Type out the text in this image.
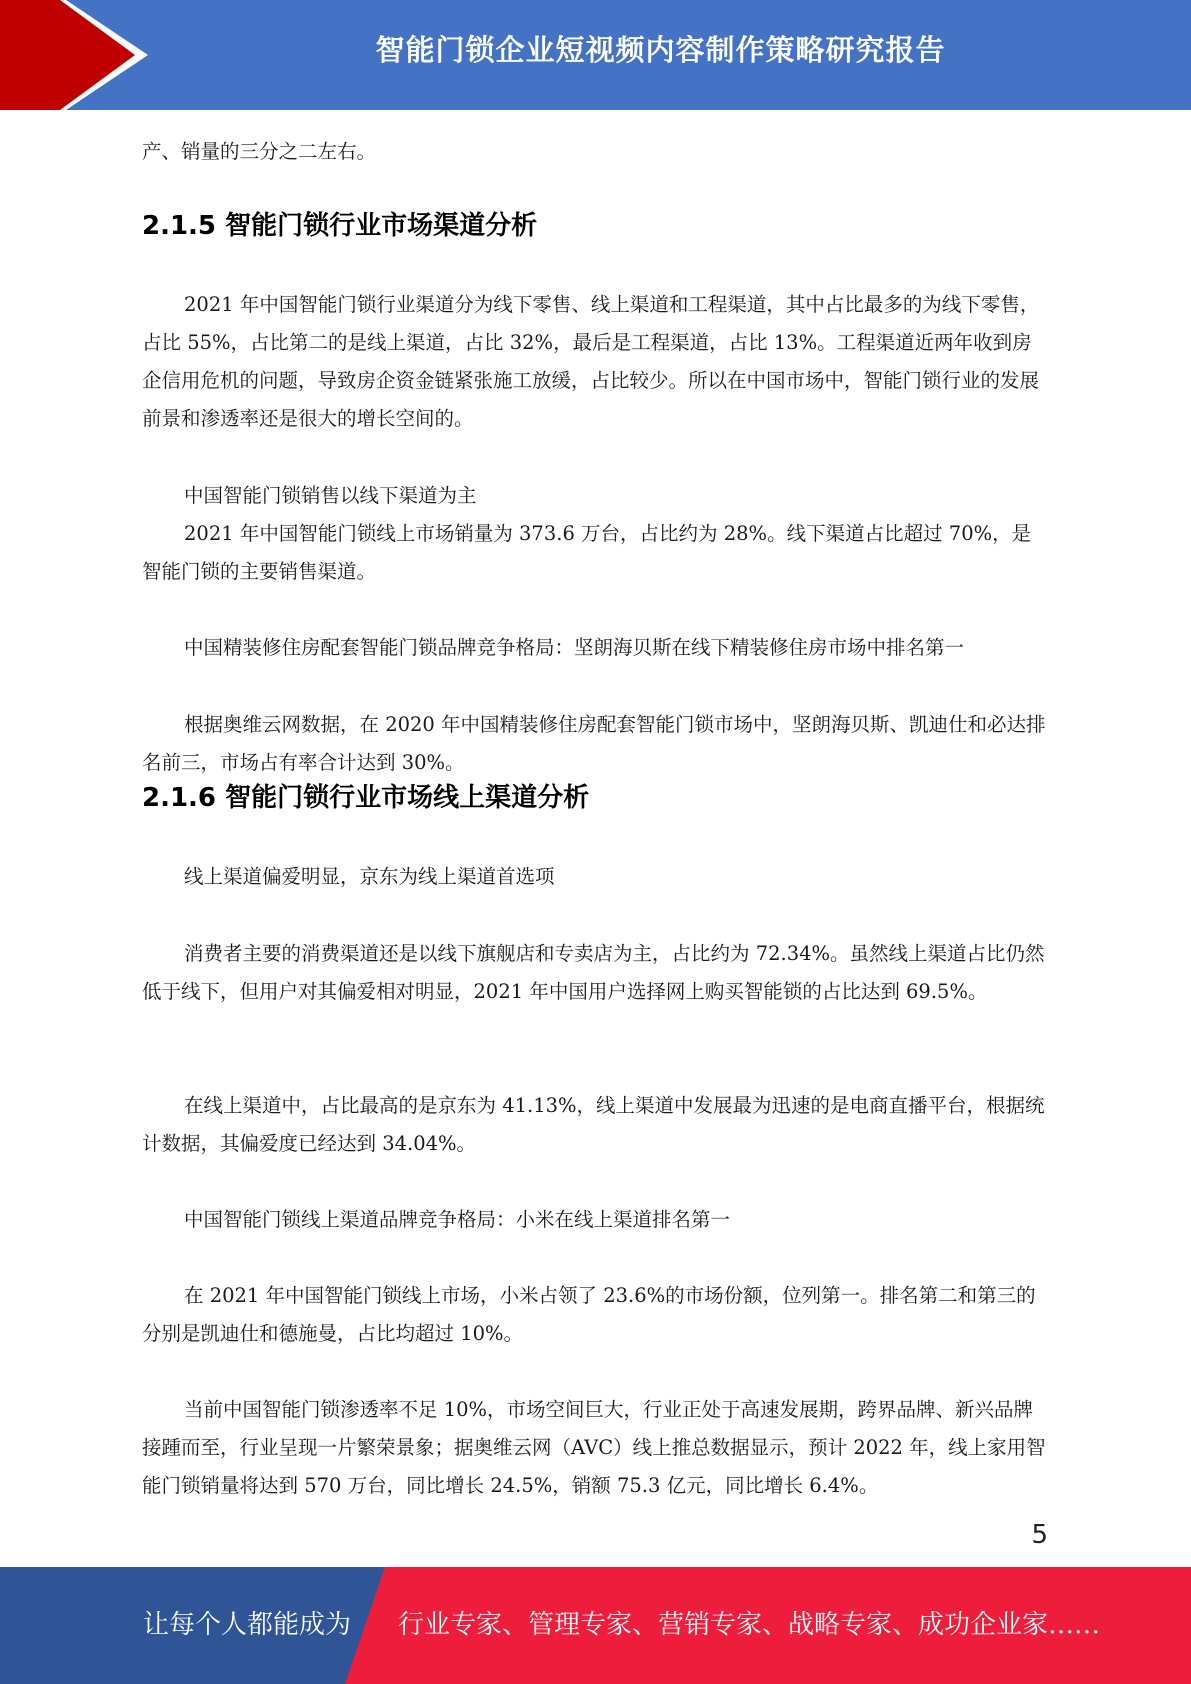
智能门锁企业短视频内容制作策略研究报告

产、销量的三分之二左右。

2.1.5 智能门锁行业市场渠道分析

2021 年中国智能门锁行业渠道分为线下零售、线上渠道和工程渠道，其中占比最多的为线下零售，占比 55%，占比第二的是线上渠道，占比 32%，最后是工程渠道，占比 13%。工程渠道近两年收到房企信用危机的问题，导致房企资金链紧张施工放缓，占比较少。所以在中国市场中，智能门锁行业的发展前景和渗透率还是很大的增长空间的。

中国智能门锁销售以线下渠道为主

2021 年中国智能门锁线上市场销量为 373.6 万台，占比约为 28%。线下渠道占比超过 70%，是智能门锁的主要销售渠道。

中国精装修住房配套智能门锁品牌竞争格局：坚朗海贝斯在线下精装修住房市场中排名第一

根据奥维云网数据，在 2020 年中国精装修住房配套智能门锁市场中，坚朗海贝斯、凯迪仕和必达排名前三，市场占有率合计达到 30%。

2.1.6 智能门锁行业市场线上渠道分析

线上渠道偏爱明显，京东为线上渠道首选项

消费者主要的消费渠道还是以线下旗舰店和专卖店为主，占比约为 72.34%。虽然线上渠道占比仍然低于线下，但用户对其偏爱相对明显，2021 年中国用户选择网上购买智能锁的占比达到 69.5%。

在线上渠道中，占比最高的是京东为 41.13%，线上渠道中发展最为迅速的是电商直播平台，根据统计数据，其偏爱度已经达到 34.04%。

中国智能门锁线上渠道品牌竞争格局：小米在线上渠道排名第一

在 2021 年中国智能门锁线上市场，小米占领了 23.6%的市场份额，位列第一。排名第二和第三的分别是凯迪仕和德施曼，占比均超过 10%。

当前中国智能门锁渗透率不足 10%，市场空间巨大，行业正处于高速发展期，跨界品牌、新兴品牌接踵而至，行业呈现一片繁荣景象；据奥维云网（AVC）线上推总数据显示，预计 2022 年，线上家用智能门锁销量将达到 570 万台，同比增长 24.5%，销额 75.3 亿元，同比增长 6.4%。

5
让每个人都能成为 行业专家、管理专家、营销专家、战略专家、成功企业家……
